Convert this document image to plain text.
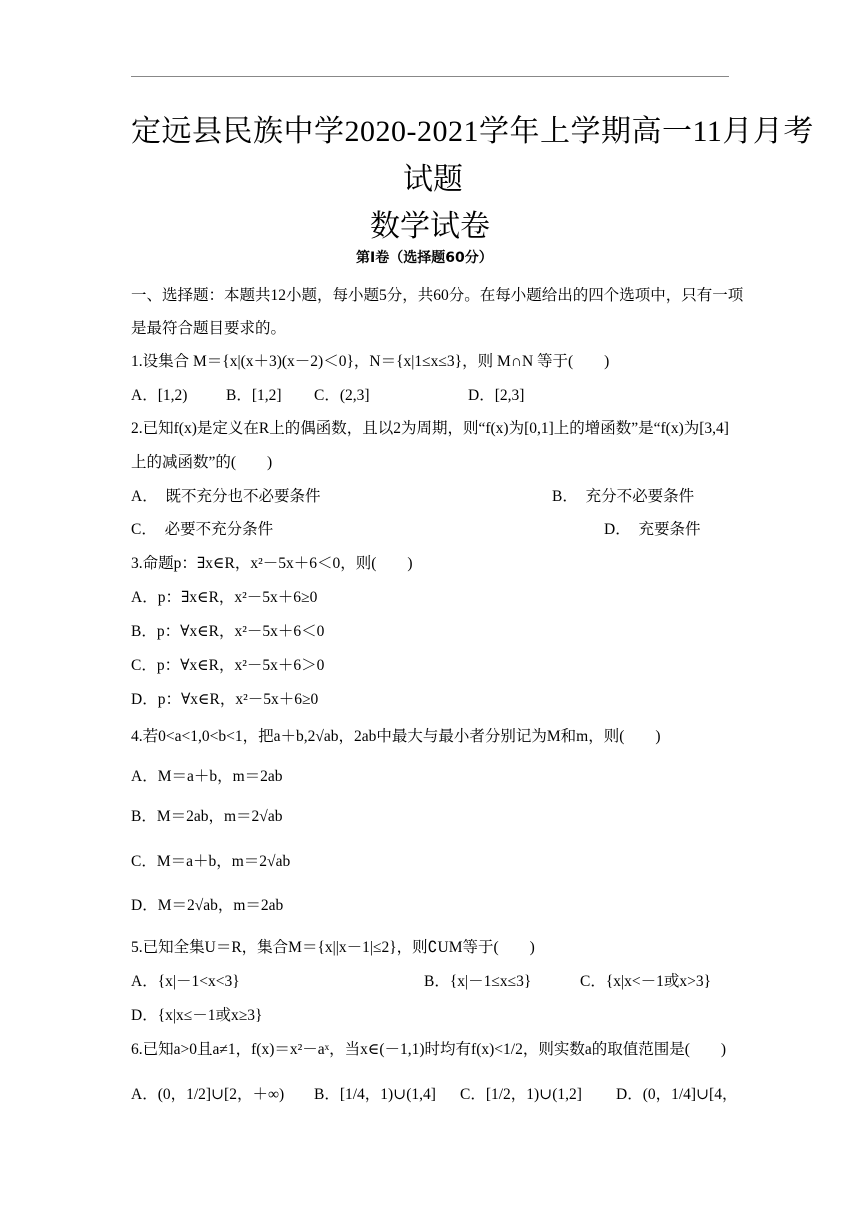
定远县民族中学2020-2021学年上学期高一11月月考
试题
数学试卷
第I卷（选择题60分）
一、选择题：本题共12小题，每小题5分，共60分。在每小题给出的四个选项中，只有一项
是最符合题目要求的。
1.设集合 M＝{x|(x＋3)(x－2)＜0}，N＝{x|1≤x≤3}，则 M∩N 等于(　　)
A．[1,2) B．[1,2] C．(2,3]	D．[2,3]
2.已知f(x)是定义在R上的偶函数，且以2为周期，则“f(x)为[0,1]上的增函数”是“f(x)为[3,4]
上的减函数”的(　　)
A．　既不充分也不必要条件	B．　充分不必要条件
C．　必要不充分条件	D．　充要条件
3.命题p：∃x∈R，x²－5x＋6＜0，则(　　)
A．p：∃x∈R，x²－5x＋6≥0
B．p：∀x∈R，x²－5x＋6＜0
C．p：∀x∈R，x²－5x＋6＞0
D．p：∀x∈R，x²－5x＋6≥0
4.若0<a<1,0<b<1，把a＋b,2√ab，2ab中最大与最小者分别记为M和m，则(　　)
A．M＝a＋b，m＝2ab
B．M＝2ab，m＝2√ab
C．M＝a＋b，m＝2√ab
D．M＝2√ab，m＝2ab
5.已知全集U＝R，集合M＝{x||x－1|≤2}，则∁UM等于(　　)
A．{x|－1<x<3}	B．{x|－1≤x≤3}	C．{x|x<－1或x>3}
D．{x|x≤－1或x≥3}
6.已知a>0且a≠1，f(x)＝x²－aˣ，当x∈(－1,1)时均有f(x)<1/2，则实数a的取值范围是(　　)
A．(0，1/2]∪[2，＋∞) B．[1/4，1)∪(1,4] C．[1/2，1)∪(1,2] D．(0，1/4]∪[4，
